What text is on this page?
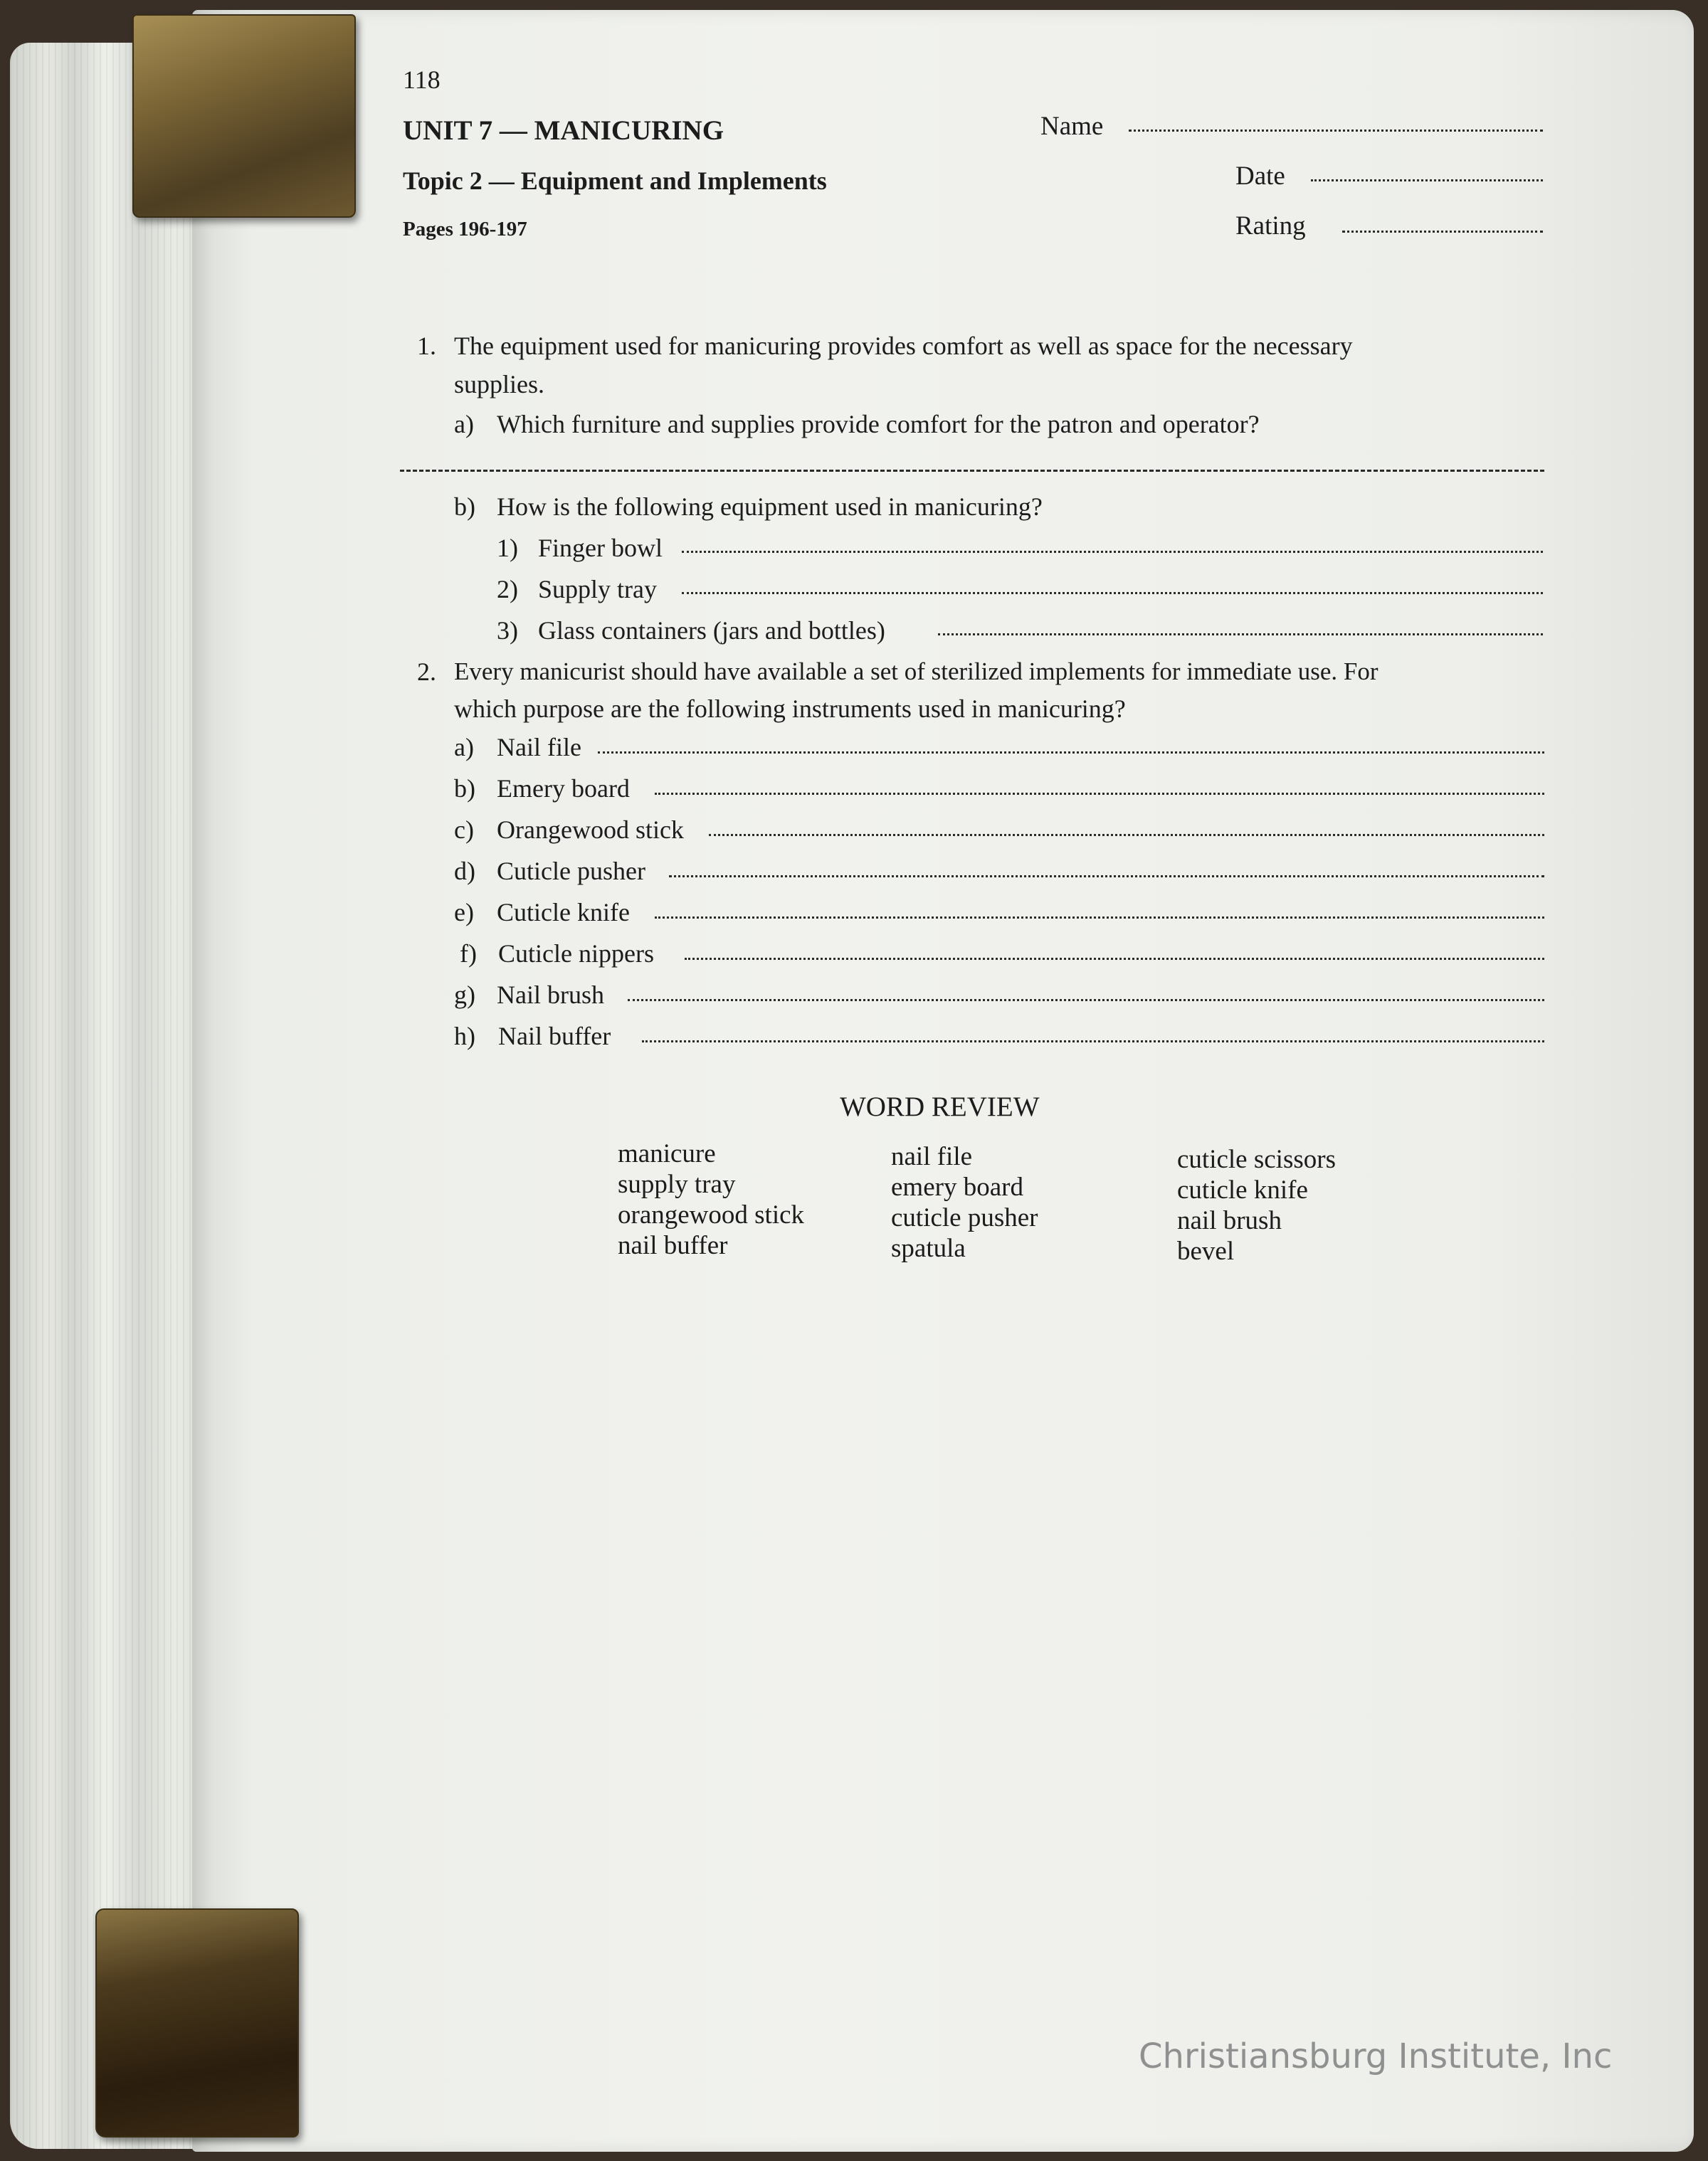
118
UNIT 7 — MANICURING
Topic 2 — Equipment and Implements
Pages 196-197
Name
Date
Rating
1. The equipment used for manicuring provides comfort as well as space for the necessary
supplies.
a) Which furniture and supplies provide comfort for the patron and operator?
b) How is the following equipment used in manicuring?
1) Finger bowl
2) Supply tray
3) Glass containers (jars and bottles)
2. Every manicurist should have available a set of sterilized implements for immediate use. For
which purpose are the following instruments used in manicuring?
a) Nail file
b) Emery board
c) Orangewood stick
d) Cuticle pusher
e) Cuticle knife
f) Cuticle nippers
g) Nail brush
h) Nail buffer
WORD REVIEW
manicure
supply tray
orangewood stick
nail buffer
nail file
emery board
cuticle pusher
spatula
cuticle scissors
cuticle knife
nail brush
bevel
Christiansburg Institute, Inc
